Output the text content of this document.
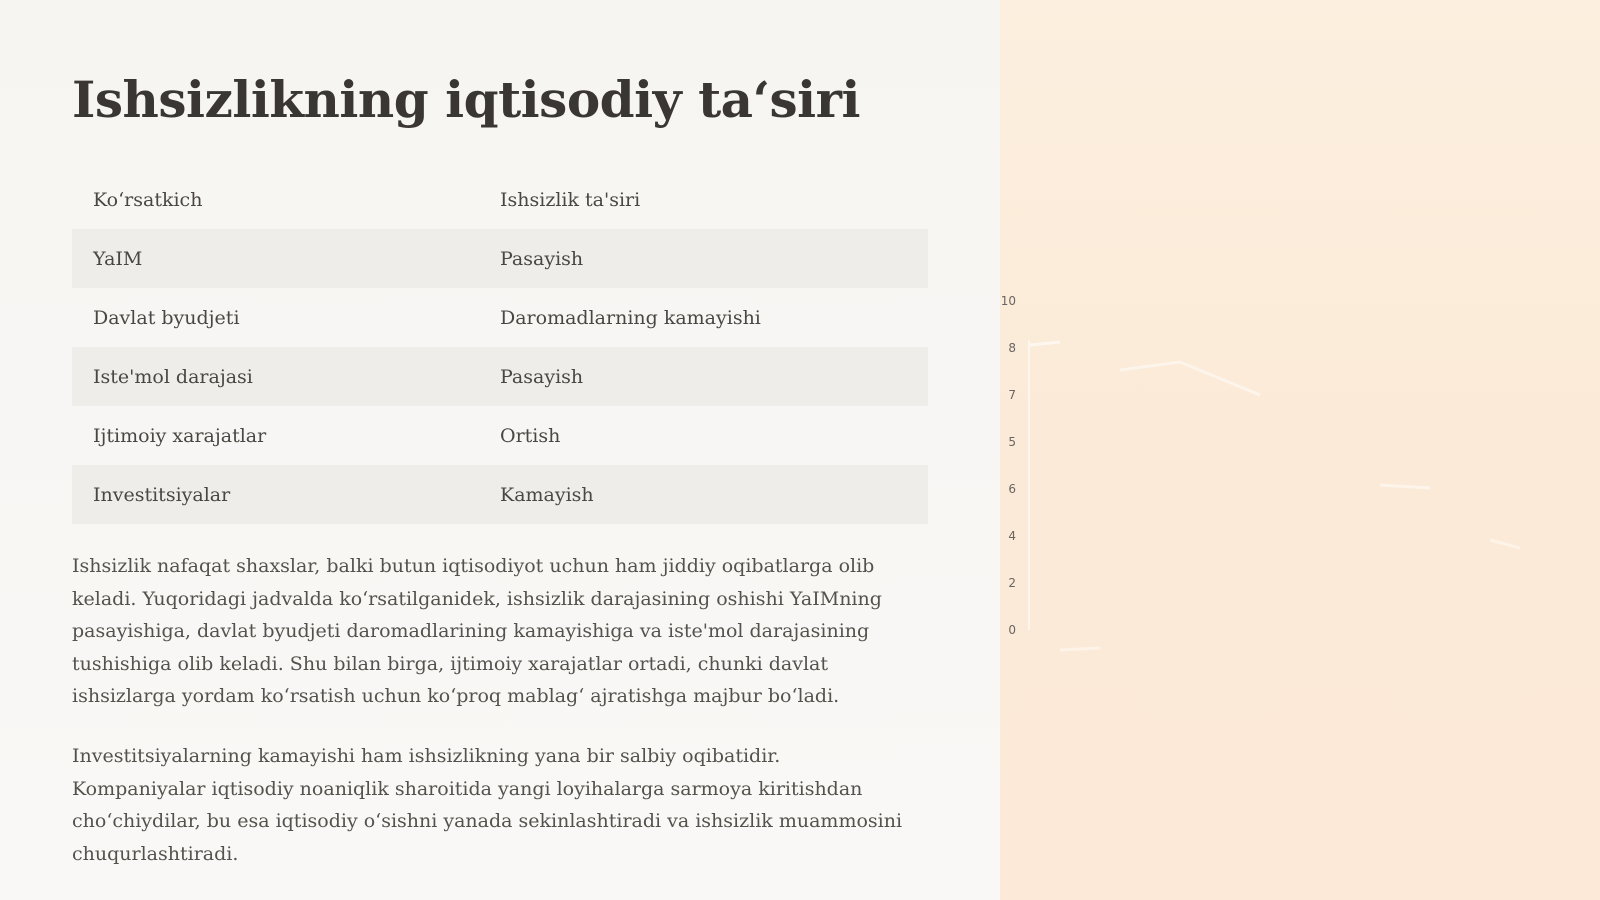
10
8
7
5
6
4
2
0
Ishsizlikning iqtisodiy taʻsiri
Koʻrsatkich	Ishsizlik ta'siri
YaIM	Pasayish
Davlat byudjeti	Daromadlarning kamayishi
Iste'mol darajasi	Pasayish
Ijtimoiy xarajatlar	Ortish
Investitsiyalar	Kamayish

Ishsizlik nafaqat shaxslar, balki butun iqtisodiyot uchun ham jiddiy oqibatlarga olib keladi. Yuqoridagi jadvalda koʻrsatilganidek, ishsizlik darajasining oshishi YaIMning pasayishiga, davlat byudjeti daromadlarining kamayishiga va iste'mol darajasining tushishiga olib keladi. Shu bilan birga, ijtimoiy xarajatlar ortadi, chunki davlat ishsizlarga yordam koʻrsatish uchun koʻproq mablagʻ ajratishga majbur boʻladi.

Investitsiyalarning kamayishi ham ishsizlikning yana bir salbiy oqibatidir. Kompaniyalar iqtisodiy noaniqlik sharoitida yangi loyihalarga sarmoya kiritishdan choʻchiydilar, bu esa iqtisodiy oʻsishni yanada sekinlashtiradi va ishsizlik muammosini chuqurlashtiradi.
